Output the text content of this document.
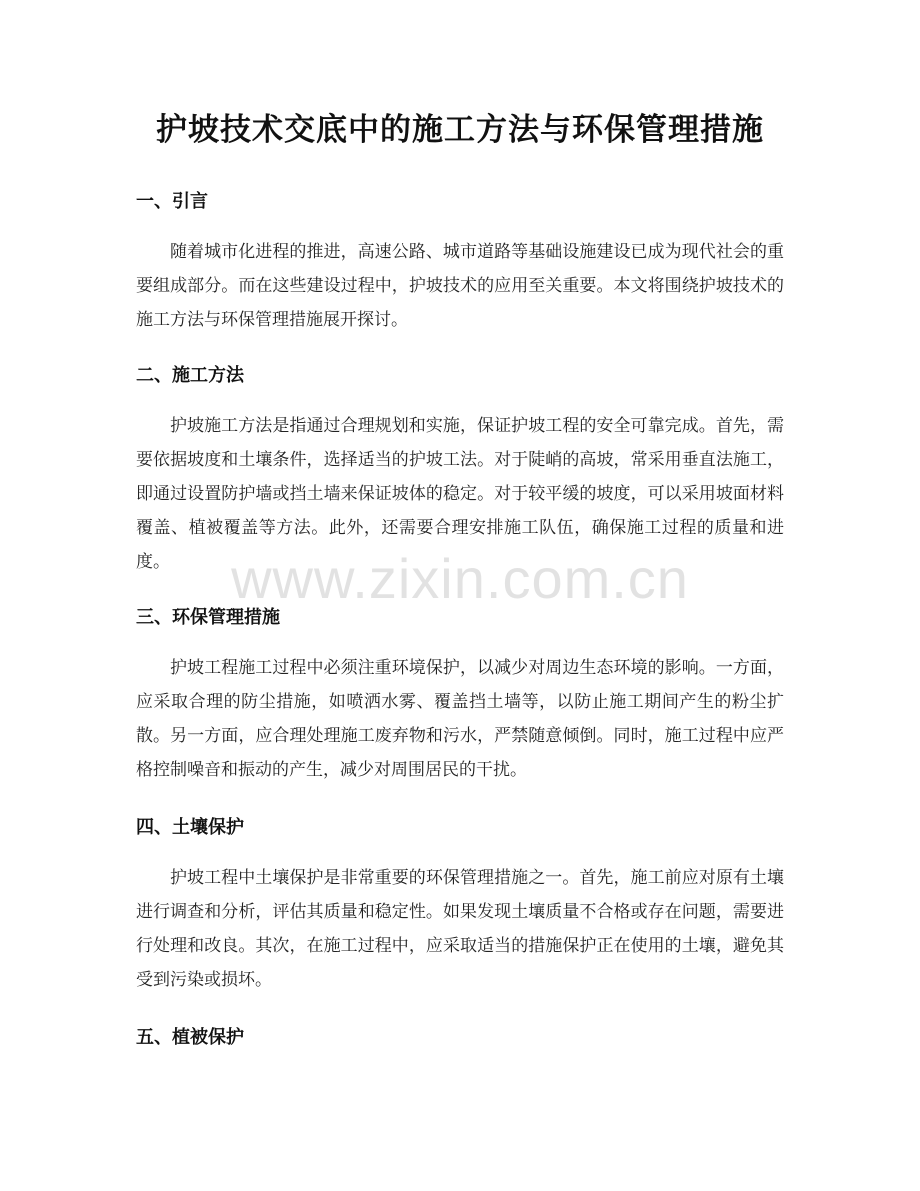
护坡技术交底中的施工方法与环保管理措施
一、引言

随着城市化进程的推进，高速公路、城市道路等基础设施建设已成为现代社会的重要组成部分。而在这些建设过程中，护坡技术的应用至关重要。本文将围绕护坡技术的施工方法与环保管理措施展开探讨。

二、施工方法

护坡施工方法是指通过合理规划和实施，保证护坡工程的安全可靠完成。首先，需要依据坡度和土壤条件，选择适当的护坡工法。对于陡峭的高坡，常采用垂直法施工，即通过设置防护墙或挡土墙来保证坡体的稳定。对于较平缓的坡度，可以采用坡面材料覆盖、植被覆盖等方法。此外，还需要合理安排施工队伍，确保施工过程的质量和进度。

三、环保管理措施

护坡工程施工过程中必须注重环境保护，以减少对周边生态环境的影响。一方面，应采取合理的防尘措施，如喷洒水雾、覆盖挡土墙等，以防止施工期间产生的粉尘扩散。另一方面，应合理处理施工废弃物和污水，严禁随意倾倒。同时，施工过程中应严格控制噪音和振动的产生，减少对周围居民的干扰。

四、土壤保护

护坡工程中土壤保护是非常重要的环保管理措施之一。首先，施工前应对原有土壤进行调查和分析，评估其质量和稳定性。如果发现土壤质量不合格或存在问题，需要进行处理和改良。其次，在施工过程中，应采取适当的措施保护正在使用的土壤，避免其受到污染或损坏。

五、植被保护
www.zixin.com.cn
